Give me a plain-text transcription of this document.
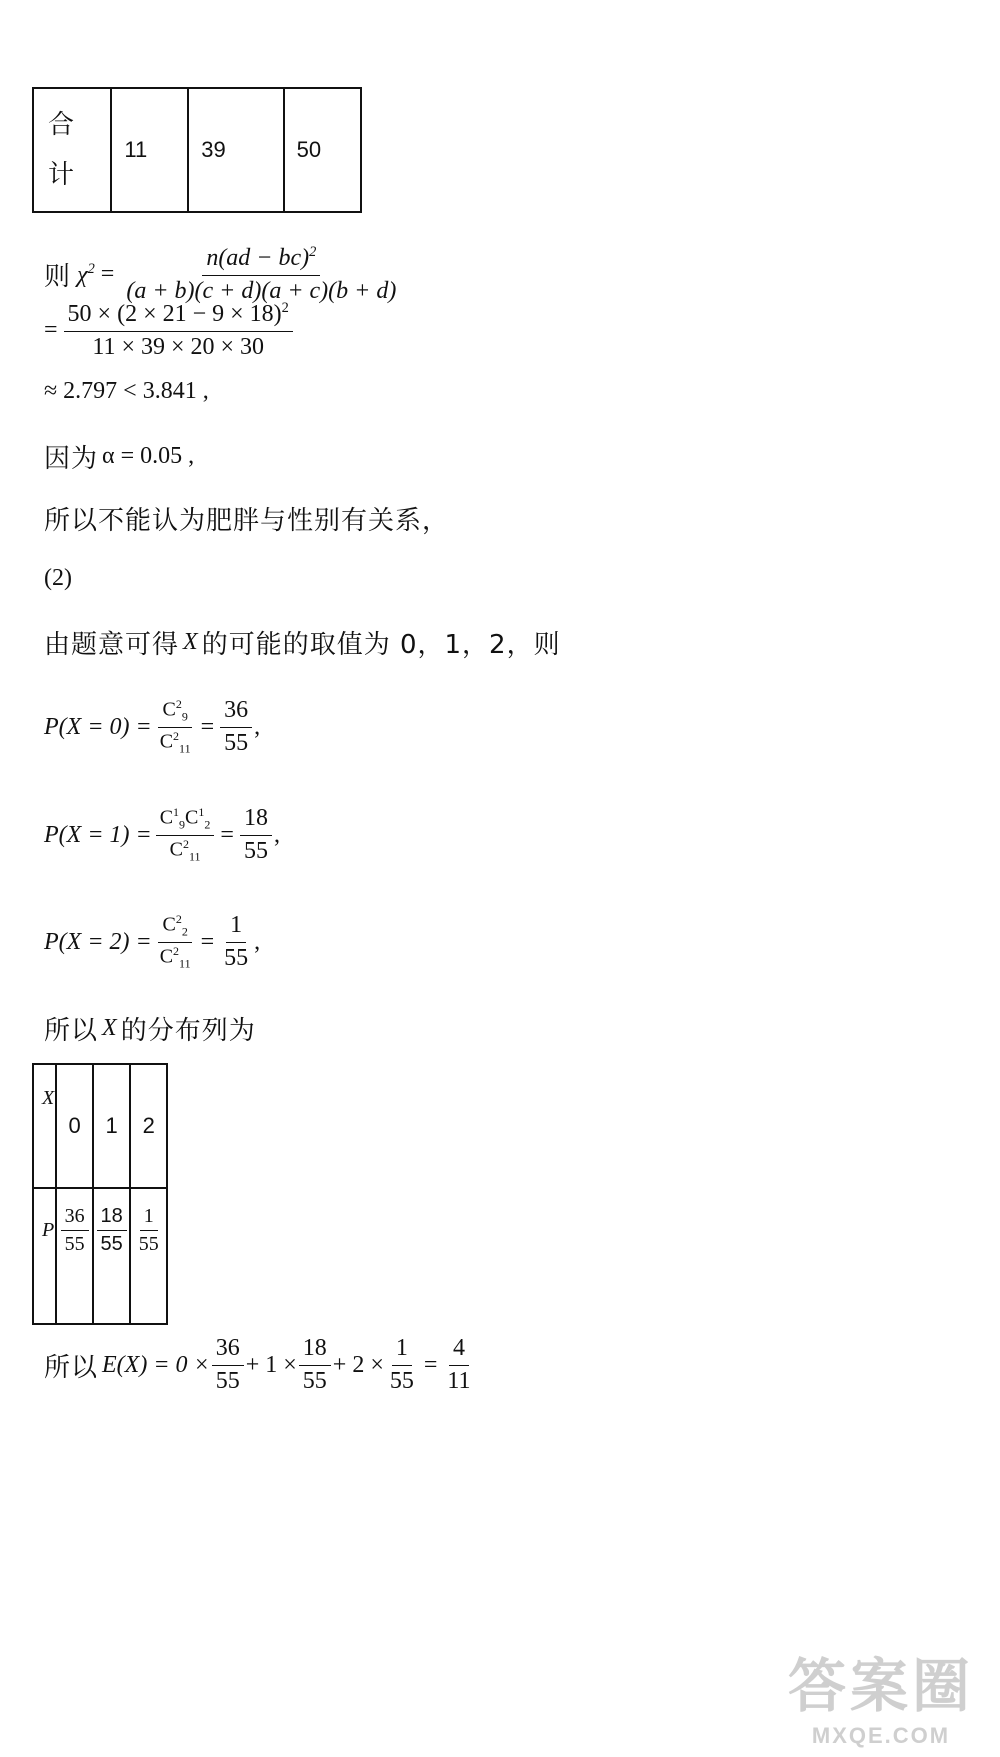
合
计
	11	39	50
则 $\chi^2 = \frac{n(ad - bc)^2}{(a + b)(c + d)(a + c)(b + d)}$
= $\frac{50 \times (2 \times 21 - 9 \times 18)^2}{11 \times 39 \times 20 \times 30}$
≈ 2.797 < 3.841 ,
因为 α = 0.05 ,
所以不能认为肥胖与性别有关系，
(2)
由题意可得 X 的可能的取值为 0，1，2，则
$P(X = 0) = \frac{C^2_9}{C^2_{11}} = \frac{36}{55}$ ,
$P(X = 1) = \frac{C^1_9C^1_2}{C^2_{11}} = \frac{18}{55}$ ,
$P(X = 2) = \frac{C^2_2}{C^2_{11}} = \frac{1}{55}$ ,
所以 X 的分布列为
X	0	1	2
P	$\frac{36}{55}$	$\frac{18}{55}$	$\frac{1}{55}$
所以 $E(X) = 0 \times \frac{36}{55} + 1 \times \frac{18}{55} + 2 \times \frac{1}{55} = \frac{4}{11}$
答案圈
MXQE.COM
